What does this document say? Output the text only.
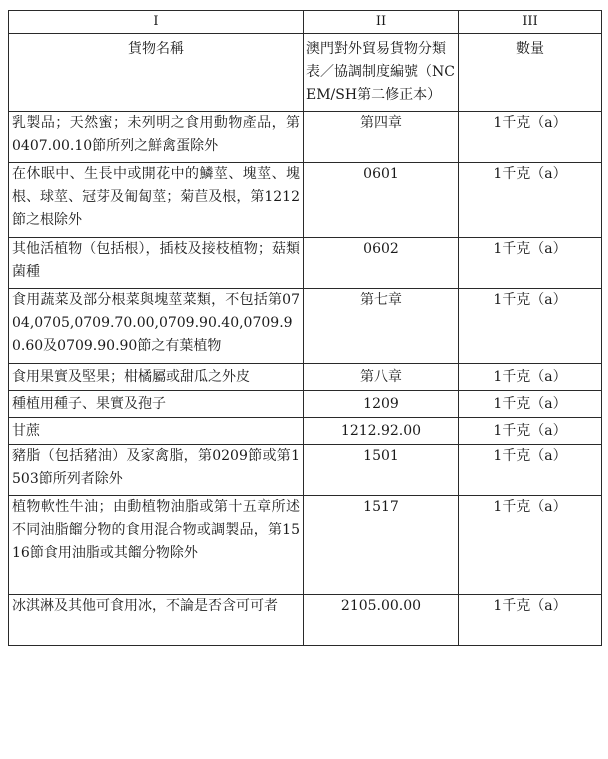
I	II	III
貨物名稱	澳門對外貿易貨物分類表／協調制度編號（NCEM/SH第二修正本）	數量
乳製品；天然蜜；未列明之食用動物產品，第0407.00.10節所列之鮮禽蛋除外	第四章	1千克（a）
在休眠中、生長中或開花中的鱗莖、塊莖、塊根、球莖、冠芽及匍匐莖；菊苣及根，第1212節之根除外	0601	1千克（a）
其他活植物（包括根），插枝及接枝植物；菇類菌種	0602	1千克（a）
食用蔬菜及部分根菜與塊莖菜類，不包括第0704,0705,0709.70.00,0709.90.40,0709.90.60及0709.90.90節之有葉植物	第七章	1千克（a）
食用果實及堅果；柑橘屬或甜瓜之外皮	第八章	1千克（a）
種植用種子、果實及孢子	1209	1千克（a）
甘蔗	1212.92.00	1千克（a）
豬脂（包括豬油）及家禽脂，第0209節或第1503節所列者除外	1501	1千克（a）
植物軟性牛油；由動植物油脂或第十五章所述不同油脂餾分物的食用混合物或調製品，第1516節食用油脂或其餾分物除外	1517	1千克（a）
冰淇淋及其他可食用冰，不論是否含可可者	2105.00.00	1千克（a）
